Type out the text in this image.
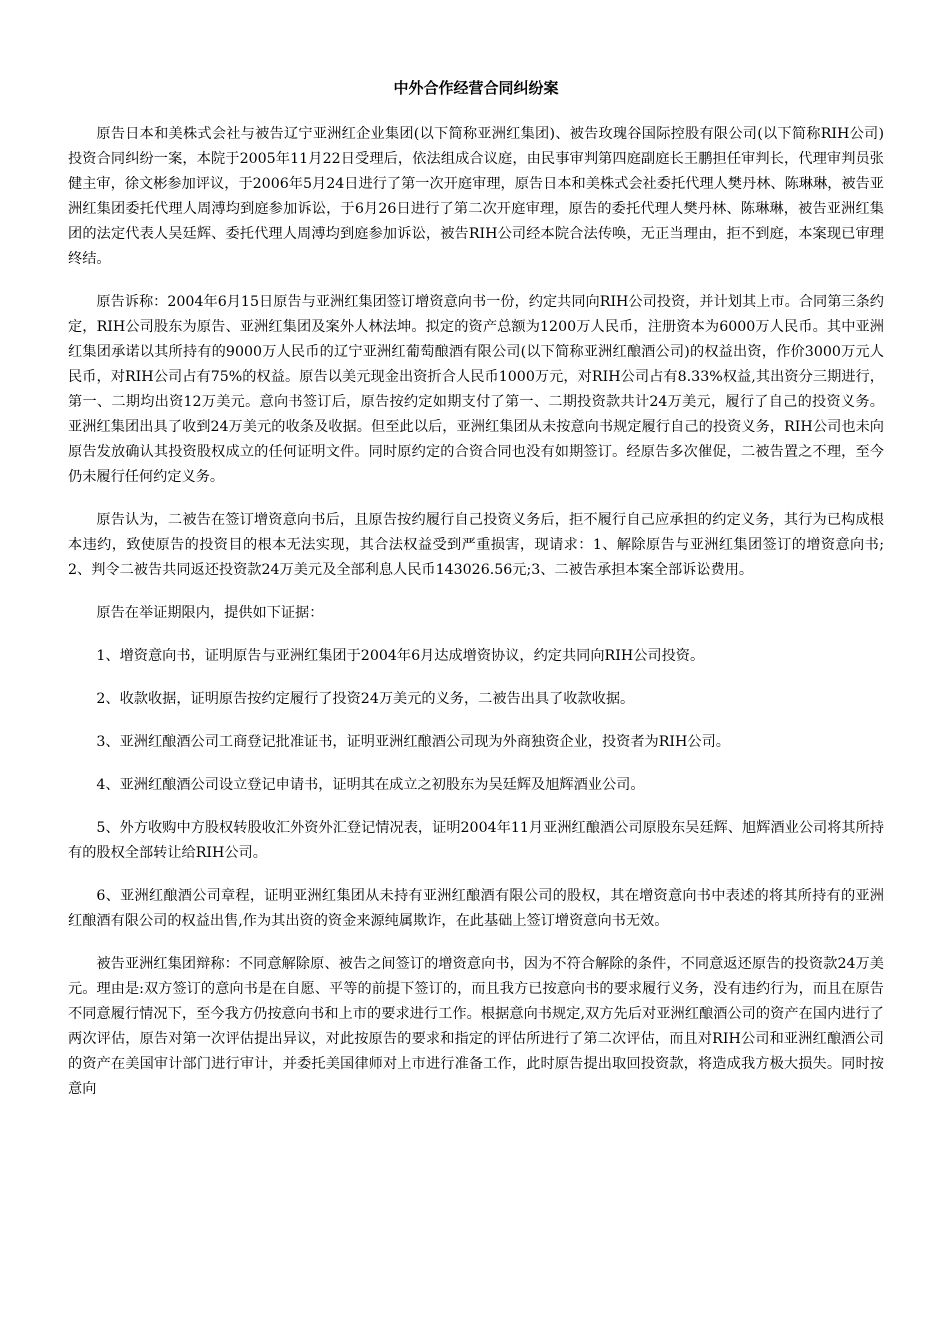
中外合作经营合同纠纷案

原告日本和美株式会社与被告辽宁亚洲红企业集团(以下简称亚洲红集团)、被告玫瑰谷国际控股有限公司(以下简称RIH公司)投资合同纠纷一案，本院于2005年11月22日受理后，依法组成合议庭，由民事审判第四庭副庭长王鹏担任审判长，代理审判员张健主审，徐文彬参加评议，于2006年5月24日进行了第一次开庭审理，原告日本和美株式会社委托代理人樊丹林、陈琳琳，被告亚洲红集团委托代理人周溥均到庭参加诉讼，于6月26日进行了第二次开庭审理，原告的委托代理人樊丹林、陈琳琳，被告亚洲红集团的法定代表人吴廷辉、委托代理人周溥均到庭参加诉讼，被告RIH公司经本院合法传唤，无正当理由，拒不到庭，本案现已审理终结。

原告诉称：2004年6月15日原告与亚洲红集团签订增资意向书一份，约定共同向RIH公司投资，并计划其上市。合同第三条约定，RIH公司股东为原告、亚洲红集团及案外人林法坤。拟定的资产总额为1200万人民币，注册资本为6000万人民币。其中亚洲红集团承诺以其所持有的9000万人民币的辽宁亚洲红葡萄酿酒有限公司(以下简称亚洲红酿酒公司)的权益出资，作价3000万元人民币，对RIH公司占有75%的权益。原告以美元现金出资折合人民币1000万元，对RIH公司占有8.33%权益,其出资分三期进行，第一、二期均出资12万美元。意向书签订后，原告按约定如期支付了第一、二期投资款共计24万美元，履行了自己的投资义务。亚洲红集团出具了收到24万美元的收条及收据。但至此以后，亚洲红集团从未按意向书规定履行自己的投资义务，RIH公司也未向原告发放确认其投资股权成立的任何证明文件。同时原约定的合资合同也没有如期签订。经原告多次催促，二被告置之不理，至今仍未履行任何约定义务。

原告认为，二被告在签订增资意向书后，且原告按约履行自己投资义务后，拒不履行自己应承担的约定义务，其行为已构成根本违约，致使原告的投资目的根本无法实现，其合法权益受到严重损害，现请求：1、解除原告与亚洲红集团签订的增资意向书;2、判令二被告共同返还投资款24万美元及全部利息人民币143026.56元;3、二被告承担本案全部诉讼费用。

原告在举证期限内，提供如下证据：

1、增资意向书，证明原告与亚洲红集团于2004年6月达成增资协议，约定共同向RIH公司投资。

2、收款收据，证明原告按约定履行了投资24万美元的义务，二被告出具了收款收据。

3、亚洲红酿酒公司工商登记批准证书，证明亚洲红酿酒公司现为外商独资企业，投资者为RIH公司。

4、亚洲红酿酒公司设立登记申请书，证明其在成立之初股东为吴廷辉及旭辉酒业公司。

5、外方收购中方股权转股收汇外资外汇登记情况表，证明2004年11月亚洲红酿酒公司原股东吴廷辉、旭辉酒业公司将其所持有的股权全部转让给RIH公司。

6、亚洲红酿酒公司章程，证明亚洲红集团从未持有亚洲红酿酒有限公司的股权，其在增资意向书中表述的将其所持有的亚洲红酿酒有限公司的权益出售,作为其出资的资金来源纯属欺诈，在此基础上签订增资意向书无效。

被告亚洲红集团辩称：不同意解除原、被告之间签订的增资意向书，因为不符合解除的条件，不同意返还原告的投资款24万美元。理由是:双方签订的意向书是在自愿、平等的前提下签订的，而且我方已按意向书的要求履行义务，没有违约行为，而且在原告不同意履行情况下，至今我方仍按意向书和上市的要求进行工作。根据意向书规定,双方先后对亚洲红酿酒公司的资产在国内进行了两次评估，原告对第一次评估提出异议，对此按原告的要求和指定的评估所进行了第二次评估，而且对RIH公司和亚洲红酿酒公司的资产在美国审计部门进行审计，并委托美国律师对上市进行准备工作，此时原告提出取回投资款，将造成我方极大损失。同时按意向
